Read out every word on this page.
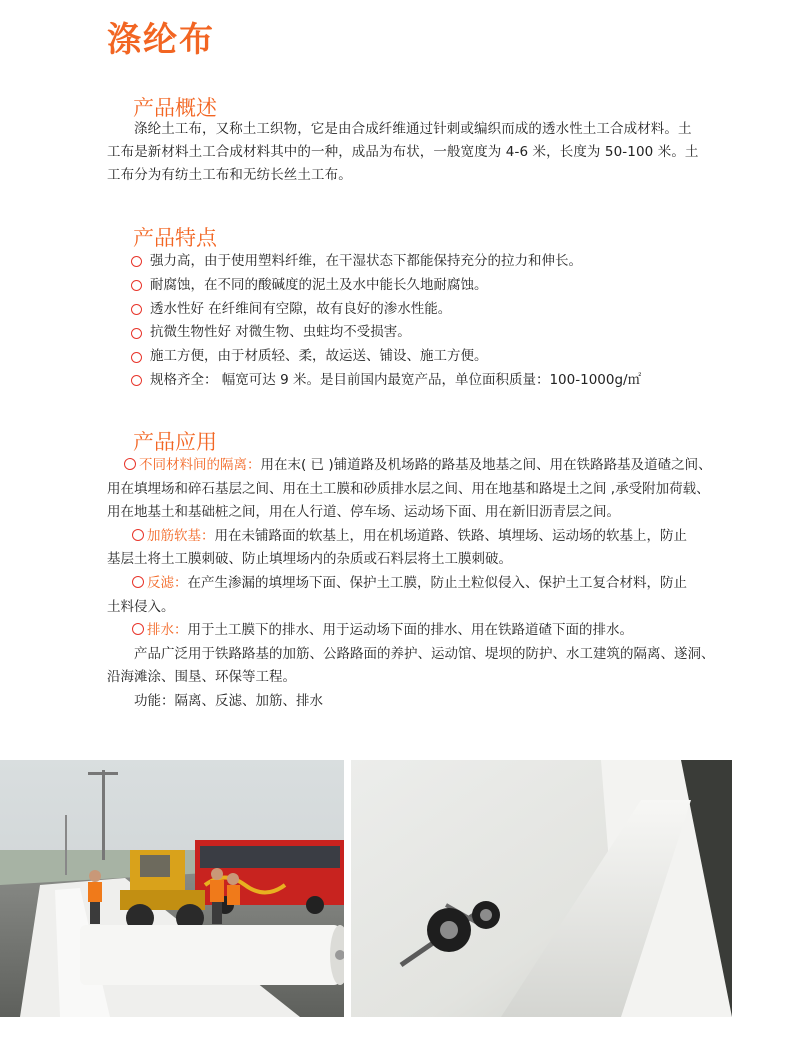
涤纶布
产品概述
涤纶土工布，又称土工织物，它是由合成纤维通过针刺或编织而成的透水性土工合成材料。土
工布是新材料土工合成材料其中的一种，成品为布状，一般宽度为 4-6 米，长度为 50-100 米。土
工布分为有纺土工布和无纺长丝土工布。
产品特点
强力高，由于使用塑料纤维，在干湿状态下都能保持充分的拉力和伸长。
耐腐蚀，在不同的酸碱度的泥土及水中能长久地耐腐蚀。
透水性好 在纤维间有空隙，故有良好的渗水性能。
抗微生物性好 对微生物、虫蛀均不受损害。
施工方便，由于材质轻、柔，故运送、铺设、施工方便。
规格齐全： 幅宽可达 9 米。是目前国内最宽产品，单位面积质量：100-1000g/㎡
产品应用
不同材料间的隔离：用在末( 已 )铺道路及机场路的路基及地基之间、用在铁路路基及道碴之间、
用在填埋场和碎石基层之间、用在土工膜和砂质排水层之间、用在地基和路堤土之间 ,承受附加荷载、
用在地基土和基础桩之间，用在人行道、停车场、运动场下面、用在新旧沥青层之间。
加筋软基：用在未铺路面的软基上，用在机场道路、铁路、填埋场、运动场的软基上，防止
基层土将土工膜刺破、防止填埋场内的杂质或石料层将土工膜刺破。
反滤：在产生渗漏的填埋场下面、保护土工膜，防止土粒似侵入、保护土工复合材料，防止
土料侵入。
排水：用于土工膜下的排水、用于运动场下面的排水、用在铁路道碴下面的排水。
产品广泛用于铁路路基的加筋、公路路面的养护、运动馆、堤坝的防护、水工建筑的隔离、遂洞、
沿海滩涂、围垦、环保等工程。
功能：隔离、反滤、加筋、排水
